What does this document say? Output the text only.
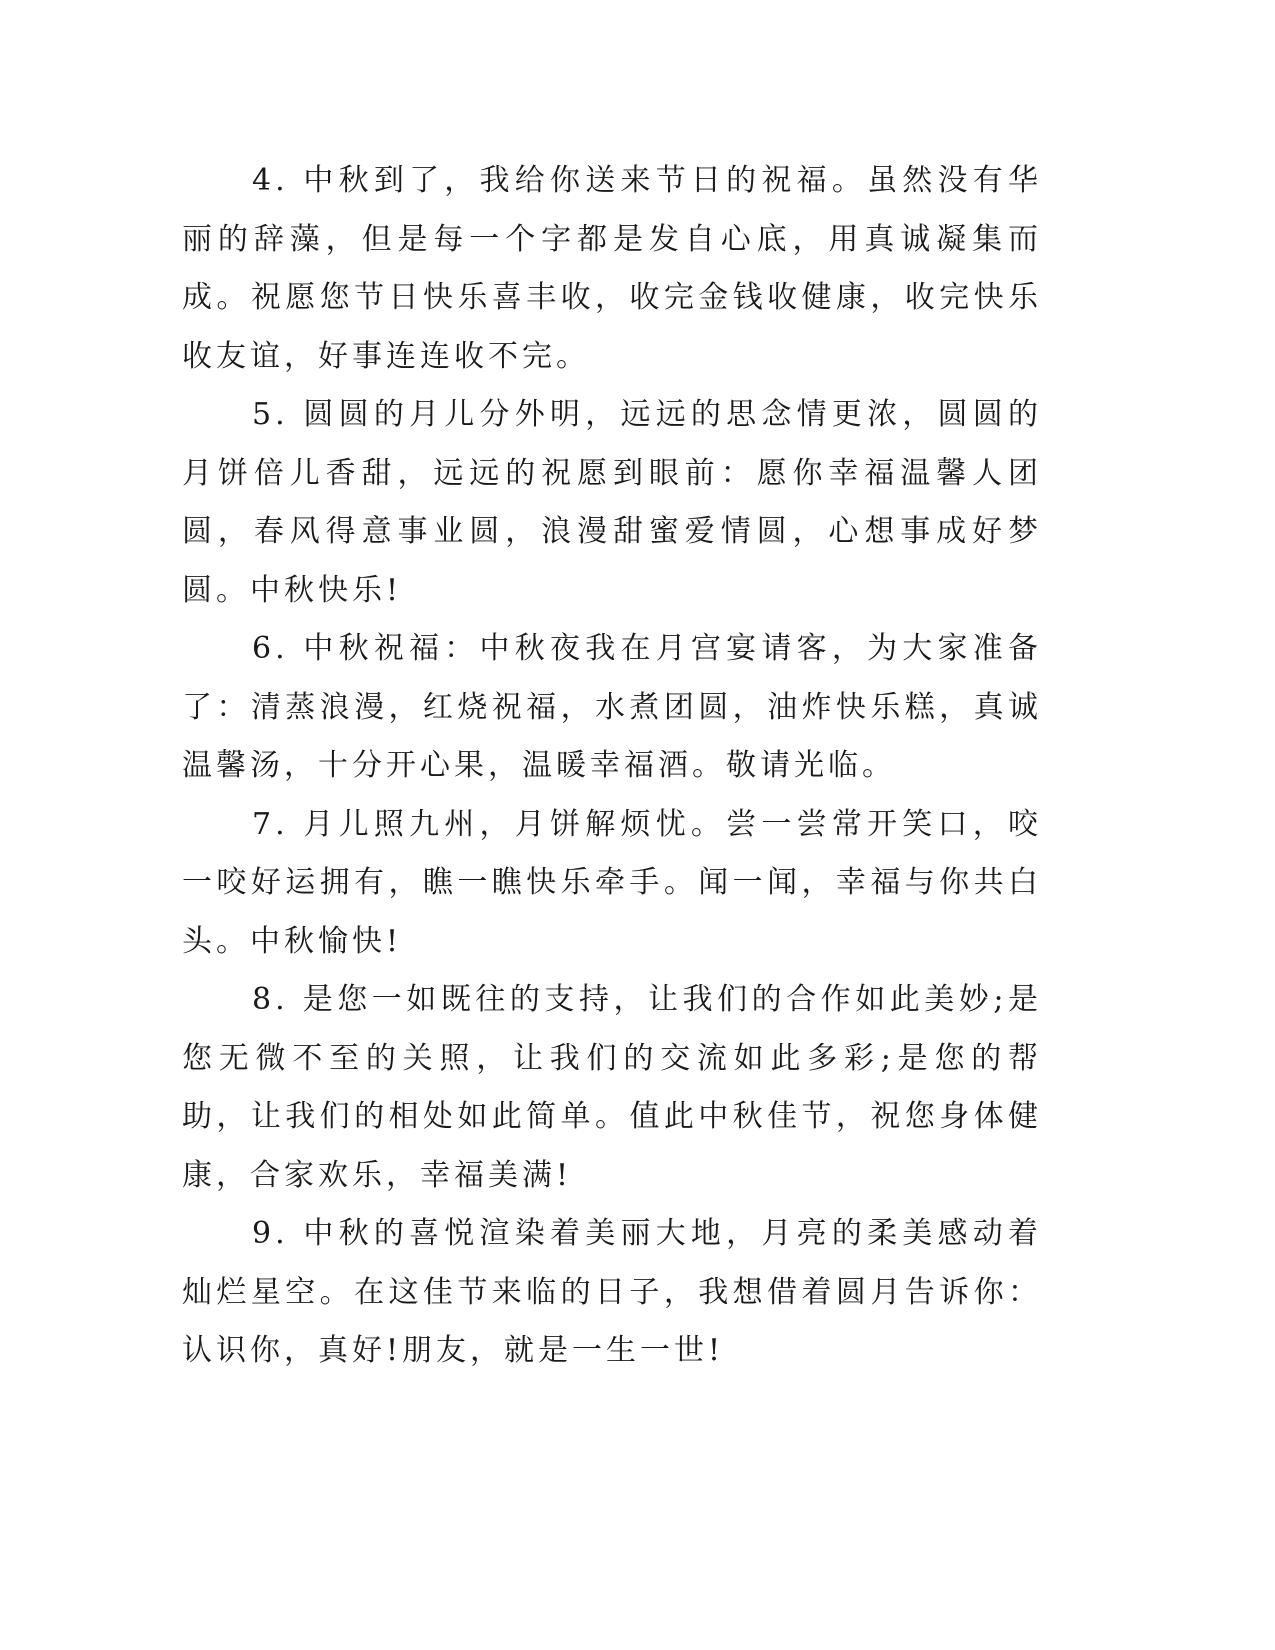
4. 中秋到了，我给你送来节日的祝福。虽然没有华丽的辞藻，但是每一个字都是发自心底，用真诚凝集而成。祝愿您节日快乐喜丰收，收完金钱收健康，收完快乐收友谊，好事连连收不完。

5. 圆圆的月儿分外明，远远的思念情更浓，圆圆的月饼倍儿香甜，远远的祝愿到眼前：愿你幸福温馨人团圆，春风得意事业圆，浪漫甜蜜爱情圆，心想事成好梦圆。中秋快乐!

6. 中秋祝福：中秋夜我在月宫宴请客，为大家准备了：清蒸浪漫，红烧祝福，水煮团圆，油炸快乐糕，真诚温馨汤，十分开心果，温暖幸福酒。敬请光临。

7. 月儿照九州，月饼解烦忧。尝一尝常开笑口，咬一咬好运拥有，瞧一瞧快乐牵手。闻一闻，幸福与你共白头。中秋愉快!

8. 是您一如既往的支持，让我们的合作如此美妙;是您无微不至的关照，让我们的交流如此多彩;是您的帮助，让我们的相处如此简单。值此中秋佳节，祝您身体健康，合家欢乐，幸福美满!

9. 中秋的喜悦渲染着美丽大地，月亮的柔美感动着灿烂星空。在这佳节来临的日子，我想借着圆月告诉你：认识你，真好!朋友，就是一生一世!
